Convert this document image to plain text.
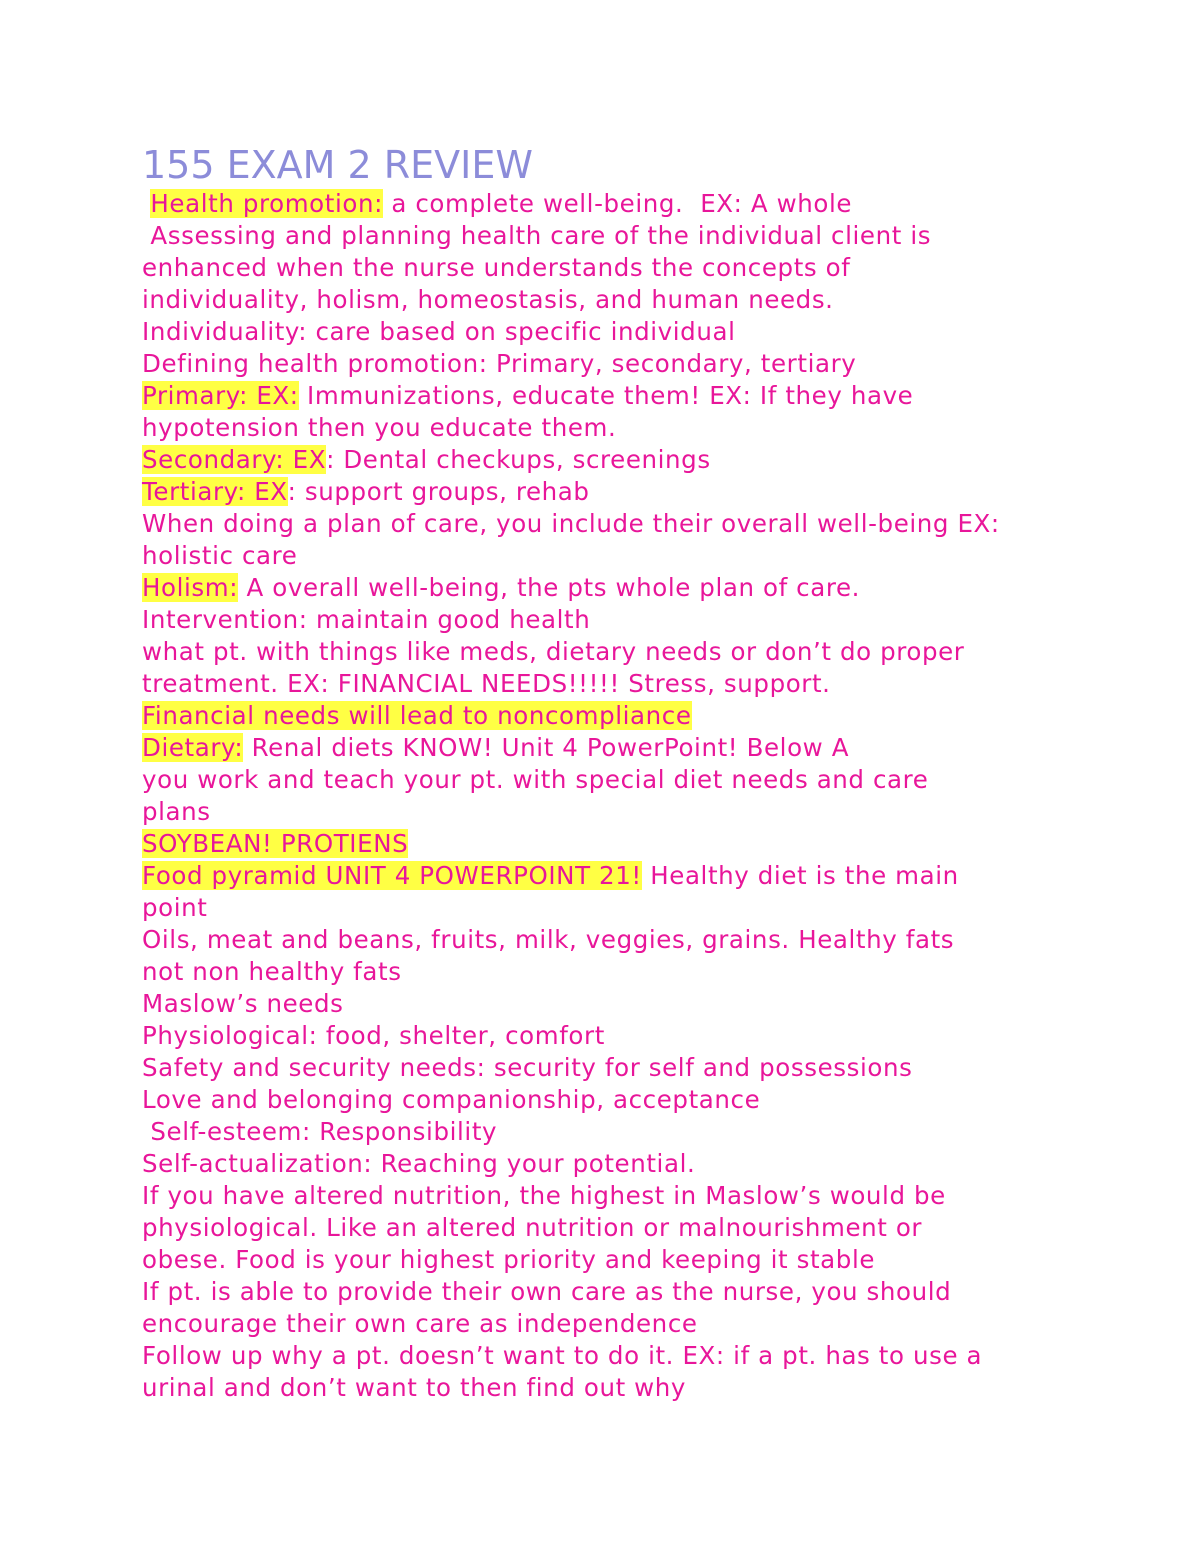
155 EXAM 2 REVIEW
Health promotion: a complete well-being.  EX: A whole
Assessing and planning health care of the individual client is
enhanced when the nurse understands the concepts of
individuality, holism, homeostasis, and human needs.
Individuality: care based on specific individual
Defining health promotion: Primary, secondary, tertiary
Primary: EX: Immunizations, educate them! EX: If they have
hypotension then you educate them.
Secondary: EX: Dental checkups, screenings
Tertiary: EX: support groups, rehab
When doing a plan of care, you include their overall well-being EX:
holistic care
Holism: A overall well-being, the pts whole plan of care.
Intervention: maintain good health
what pt. with things like meds, dietary needs or don’t do proper
treatment. EX: FINANCIAL NEEDS!!!!! Stress, support.
Financial needs will lead to noncompliance
Dietary: Renal diets KNOW! Unit 4 PowerPoint! Below A
you work and teach your pt. with special diet needs and care
plans
SOYBEAN! PROTIENS
Food pyramid UNIT 4 POWERPOINT 21! Healthy diet is the main
point
Oils, meat and beans, fruits, milk, veggies, grains. Healthy fats
not non healthy fats
Maslow’s needs
Physiological: food, shelter, comfort
Safety and security needs: security for self and possessions
Love and belonging companionship, acceptance
Self-esteem: Responsibility
Self-actualization: Reaching your potential.
If you have altered nutrition, the highest in Maslow’s would be
physiological. Like an altered nutrition or malnourishment or
obese. Food is your highest priority and keeping it stable
If pt. is able to provide their own care as the nurse, you should
encourage their own care as independence
Follow up why a pt. doesn’t want to do it. EX: if a pt. has to use a
urinal and don’t want to then find out why
